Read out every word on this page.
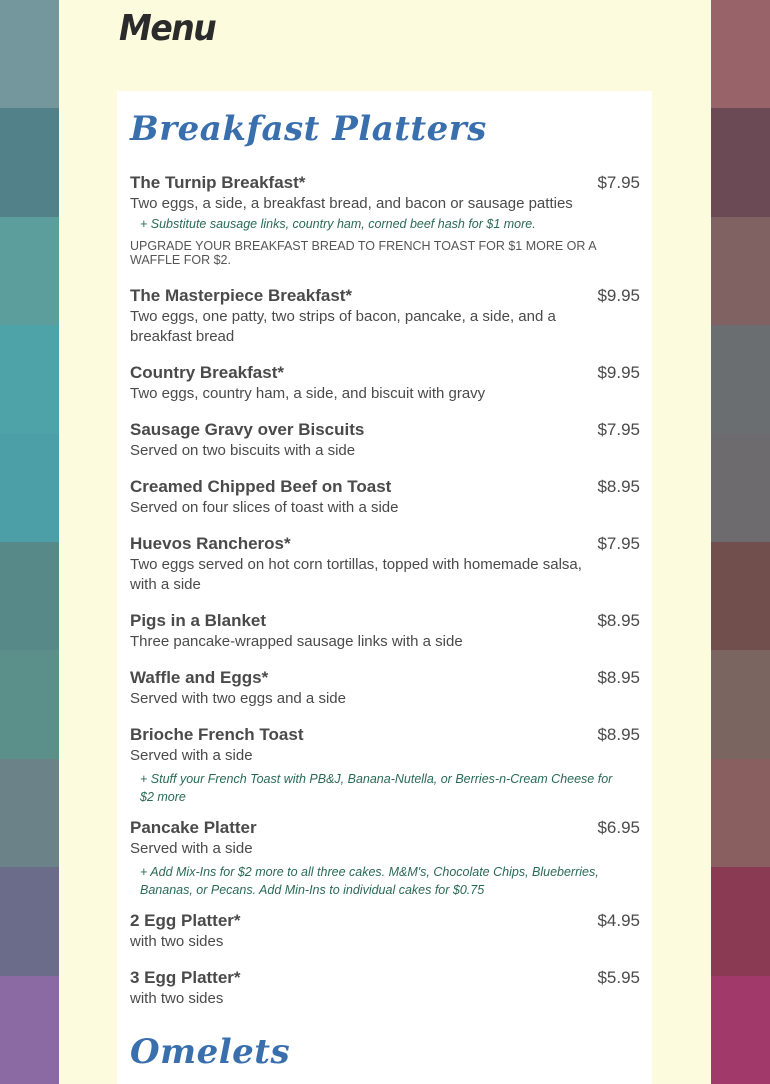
Menu
Breakfast Platters
The Turnip Breakfast*	$7.95
Two eggs, a side, a breakfast bread, and bacon or sausage patties
+ Substitute sausage links, country ham, corned beef hash for $1 more.
UPGRADE YOUR BREAKFAST BREAD TO FRENCH TOAST FOR $1 MORE OR A WAFFLE FOR $2.
The Masterpiece Breakfast*	$9.95
Two eggs, one patty, two strips of bacon, pancake, a side, and a breakfast bread
Country Breakfast*	$9.95
Two eggs, country ham, a side, and biscuit with gravy
Sausage Gravy over Biscuits	$7.95
Served on two biscuits with a side
Creamed Chipped Beef on Toast	$8.95
Served on four slices of toast with a side
Huevos Rancheros*	$7.95
Two eggs served on hot corn tortillas, topped with homemade salsa, with a side
Pigs in a Blanket	$8.95
Three pancake-wrapped sausage links with a side
Waffle and Eggs*	$8.95
Served with two eggs and a side
Brioche French Toast	$8.95
Served with a side
+ Stuff your French Toast with PB&J, Banana-Nutella, or Berries-n-Cream Cheese for $2 more
Pancake Platter	$6.95
Served with a side
+ Add Mix-Ins for $2 more to all three cakes. M&M's, Chocolate Chips, Blueberries, Bananas, or Pecans. Add Min-Ins to individual cakes for $0.75
2 Egg Platter*	$4.95
with two sides
3 Egg Platter*	$5.95
with two sides
Omelets
